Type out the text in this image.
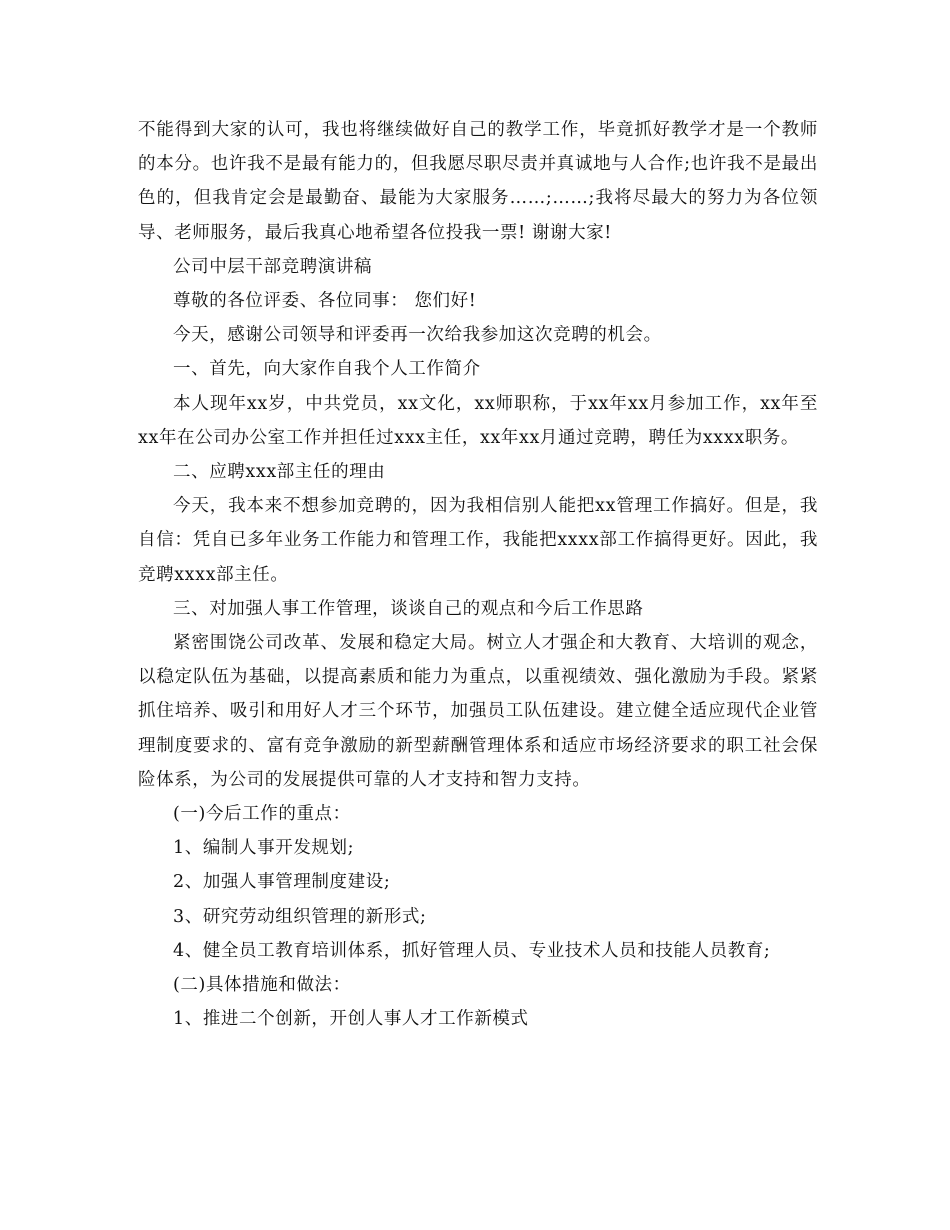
不能得到大家的认可，我也将继续做好自己的教学工作，毕竟抓好教学才是一个教师的本分。也许我不是最有能力的，但我愿尽职尽责并真诚地与人合作;也许我不是最出色的，但我肯定会是最勤奋、最能为大家服务……;……;我将尽最大的努力为各位领导、老师服务，最后我真心地希望各位投我一票! 谢谢大家!

公司中层干部竞聘演讲稿

尊敬的各位评委、各位同事： 您们好!

今天，感谢公司领导和评委再一次给我参加这次竞聘的机会。

一、首先，向大家作自我个人工作简介

本人现年xx岁，中共党员，xx文化，xx师职称，于xx年xx月参加工作，xx年至 xx年在公司办公室工作并担任过xxx主任，xx年xx月通过竞聘，聘任为xxxx职务。

二、应聘xxx部主任的理由

今天，我本来不想参加竞聘的，因为我相信别人能把xx管理工作搞好。但是，我自信：凭自已多年业务工作能力和管理工作，我能把xxxx部工作搞得更好。因此，我竞聘xxxx部主任。

三、对加强人事工作管理，谈谈自己的观点和今后工作思路

紧密围饶公司改革、发展和稳定大局。树立人才强企和大教育、大培训的观念，以稳定队伍为基础，以提高素质和能力为重点，以重视绩效、强化激励为手段。紧紧抓住培养、吸引和用好人才三个环节，加强员工队伍建设。建立健全适应现代企业管理制度要求的、富有竞争激励的新型薪酬管理体系和适应市场经济要求的职工社会保险体系，为公司的发展提供可靠的人才支持和智力支持。

(一)今后工作的重点：

1、编制人事开发规划;

2、加强人事管理制度建设;

3、研究劳动组织管理的新形式;

4、健全员工教育培训体系，抓好管理人员、专业技术人员和技能人员教育;

(二)具体措施和做法：

1、推进二个创新，开创人事人才工作新模式
